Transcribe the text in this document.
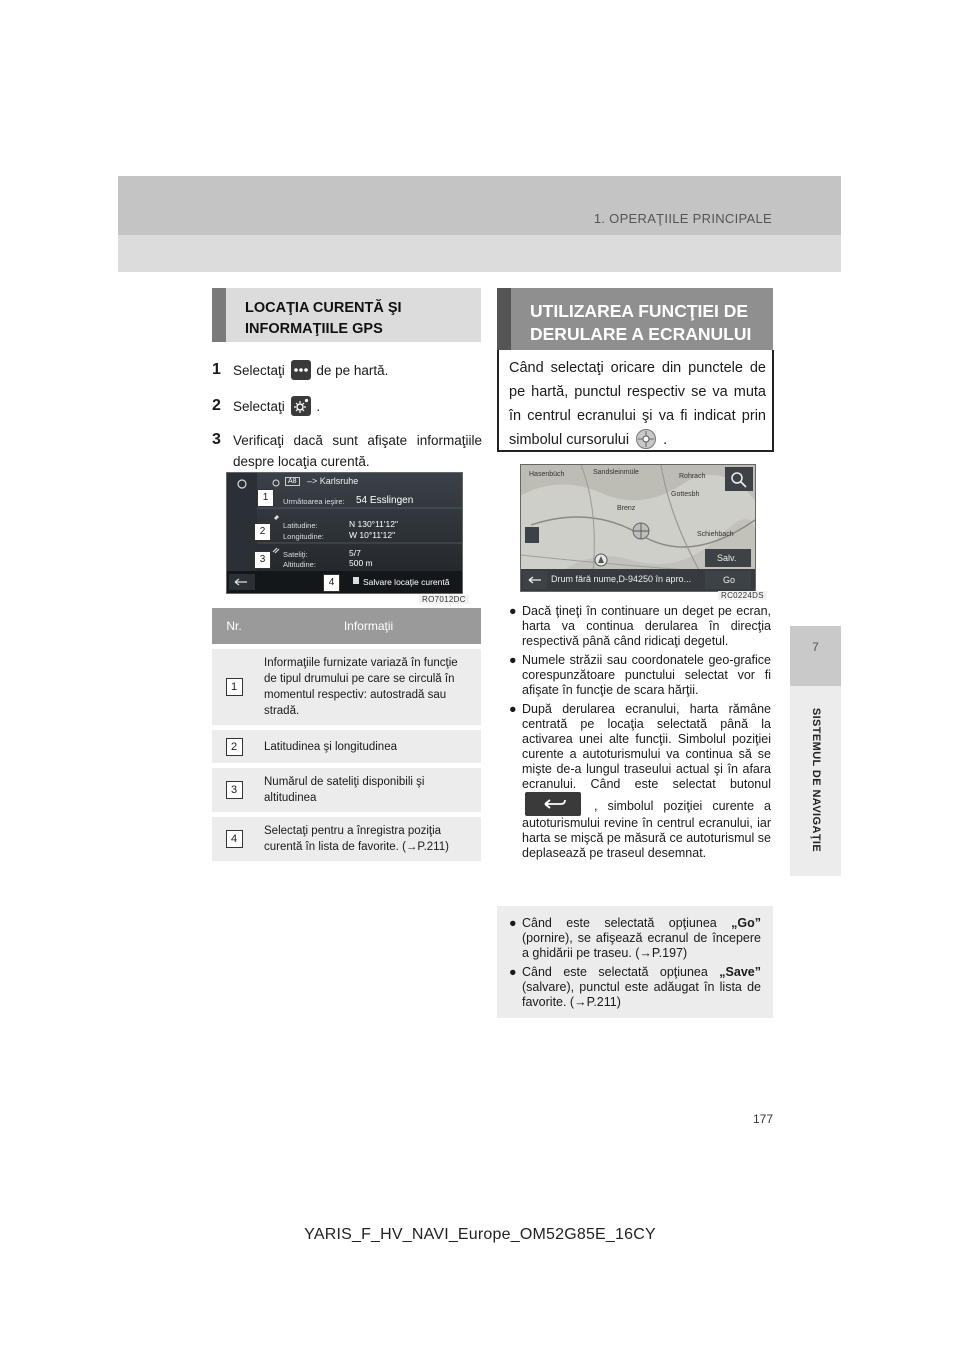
1. OPERAŢIILE PRINCIPALE
7
SISTEMUL DE NAVIGAŢIE
LOCAŢIA CURENTĂ ŞI INFORMAŢIILE GPS
1 Selectaţi de pe hartă.
2 Selectaţi .
3 Verificaţi dacă sunt afişate informaţiile despre locaţia curentă.
A8	–> Karlsruhe
Următoarea ieşire: 54 Esslingen
Latitudine:	N 130°11'12"
Longitudine:	W 10°11'12"
Sateliţi:	5/7
Altitudine:	500 m
Salvare locaţie curentă
1
2
3
4
RO7012DC
Nr.	Informaţii
1	Informaţiile furnizate variază în funcţie de tipul drumului pe care se circulă în momentul respectiv: autostradă sau stradă.
2	Latitudinea şi longitudinea
3	Numărul de sateliţi disponibili şi altitudinea
4	Selectaţi pentru a înregistra poziţia curentă în lista de favorite. (→P.211)
UTILIZAREA FUNCŢIEI DE DERULARE A ECRANULUI
Când selectaţi oricare din punctele de pe hartă, punctul respectiv se va muta în centrul ecranului şi va fi indicat prin simbolul cursorului .
Hasenbüch	Sandsleinmüle
Rohrach
Gottesbh
Brenz
Schiehbach
Drum fără nume,D-94250 în apro...
Salv.
Go
RC0224DS
● Dacă ţineţi în continuare un deget pe ecran, harta va continua derularea în direcţia respectivă până când ridicaţi degetul.
● Numele străzii sau coordonatele geo-grafice corespunzătoare punctului selectat vor fi afişate în funcţie de scara hărţii.
● După derularea ecranului, harta rămâne centrată pe locaţia selectată până la activarea unei alte funcţii. Simbolul poziţiei curente a autoturismului va continua să se mişte de-a lungul traseului actual şi în afara ecranului. Când este selectat butonul  , simbolul poziţiei curente a autoturismului revine în centrul ecranului, iar harta se mişcă pe măsură ce autoturismul se deplasează pe traseul desemnat.
● Când este selectată opţiunea „Go” (pornire), se afişează ecranul de începere a ghidării pe traseu. (→P.197)
● Când este selectată opţiunea „Save” (salvare), punctul este adăugat în lista de favorite. (→P.211)
177
YARIS_F_HV_NAVI_Europe_OM52G85E_16CY
